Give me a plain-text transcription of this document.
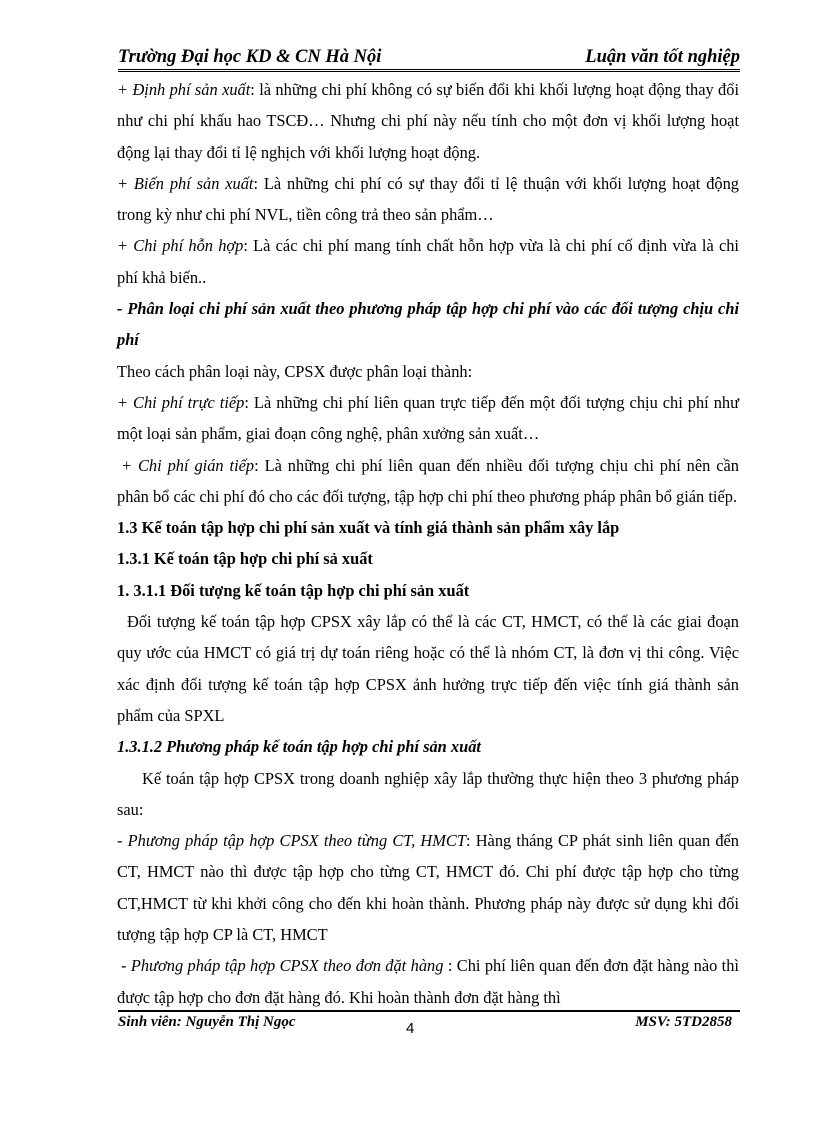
Trường Đại học KD & CN Hà Nội	Luận văn tốt nghiệp

+ Định phí sản xuất: là những chi phí không có sự biến đổi khi khối lượng hoạt động thay đổi như chi phí khấu hao TSCĐ… Nhưng chi phí này nếu tính cho một đơn vị khối lượng hoạt động lại thay đổi tỉ lệ nghịch với khối lượng hoạt động.

+ Biến phí sản xuất: Là những chi phí có sự thay đổi tỉ lệ thuận với khối lượng hoạt động trong kỳ như chi phí NVL, tiền công trả theo sản phẩm…

+ Chi phí hỗn hợp: Là các chi phí mang tính chất hỗn hợp vừa là chi phí cố định vừa là chi phí khả biến..

- Phân loại chi phí sản xuất theo phương pháp tập hợp chi phí vào các đối tượng chịu chi phí

Theo cách phân loại này, CPSX được phân loại thành:

+ Chi phí trực tiếp: Là những chi phí liên quan trực tiếp đến một đối tượng chịu chi phí như một loại sản phẩm, giai đoạn công nghệ, phân xưởng sản xuất…

+ Chi phí gián tiếp: Là những chi phí liên quan đến nhiều đối tượng chịu chi phí nên cần phân bổ các chi phí đó cho các đối tượng, tập hợp chi phí theo phương pháp phân bổ gián tiếp.

1.3 Kế toán tập hợp chi phí sản xuất và tính giá thành sản phẩm xây lắp

1.3.1 Kế toán tập hợp chi phí sả xuất

1. 3.1.1 Đối tượng kế toán tập hợp chi phí sản xuất

Đối tượng kế toán tập hợp CPSX xây lắp có thể là các CT, HMCT, có thể là các giai đoạn quy ước của HMCT có giá trị dự toán riêng hoặc có thể là nhóm CT, là đơn vị thi công. Việc xác định đối tượng kế toán tập hợp CPSX ảnh hưởng trực tiếp đến việc tính giá thành sản phẩm của SPXL

1.3.1.2 Phương pháp kế toán tập hợp chi phí sản xuất

Kế toán tập hợp CPSX trong doanh nghiệp xây lắp thường thực hiện theo 3 phương pháp sau:

- Phương pháp tập hợp CPSX theo từng CT, HMCT: Hàng tháng CP phát sinh liên quan đến CT, HMCT nào thì được tập hợp cho từng CT, HMCT đó. Chi phí được tập hợp cho từng CT,HMCT từ khi khởi công cho đến khi hoàn thành. Phương pháp này được sử dụng khi đối tượng tập hợp CP là CT, HMCT

- Phương pháp tập hợp CPSX theo đơn đặt hàng : Chi phí liên quan đến đơn đặt hàng nào thì được tập hợp cho đơn đặt hàng đó. Khi hoàn thành đơn đặt hàng thì

Sinh viên: Nguyễn Thị Ngọc	4	MSV: 5TD2858
